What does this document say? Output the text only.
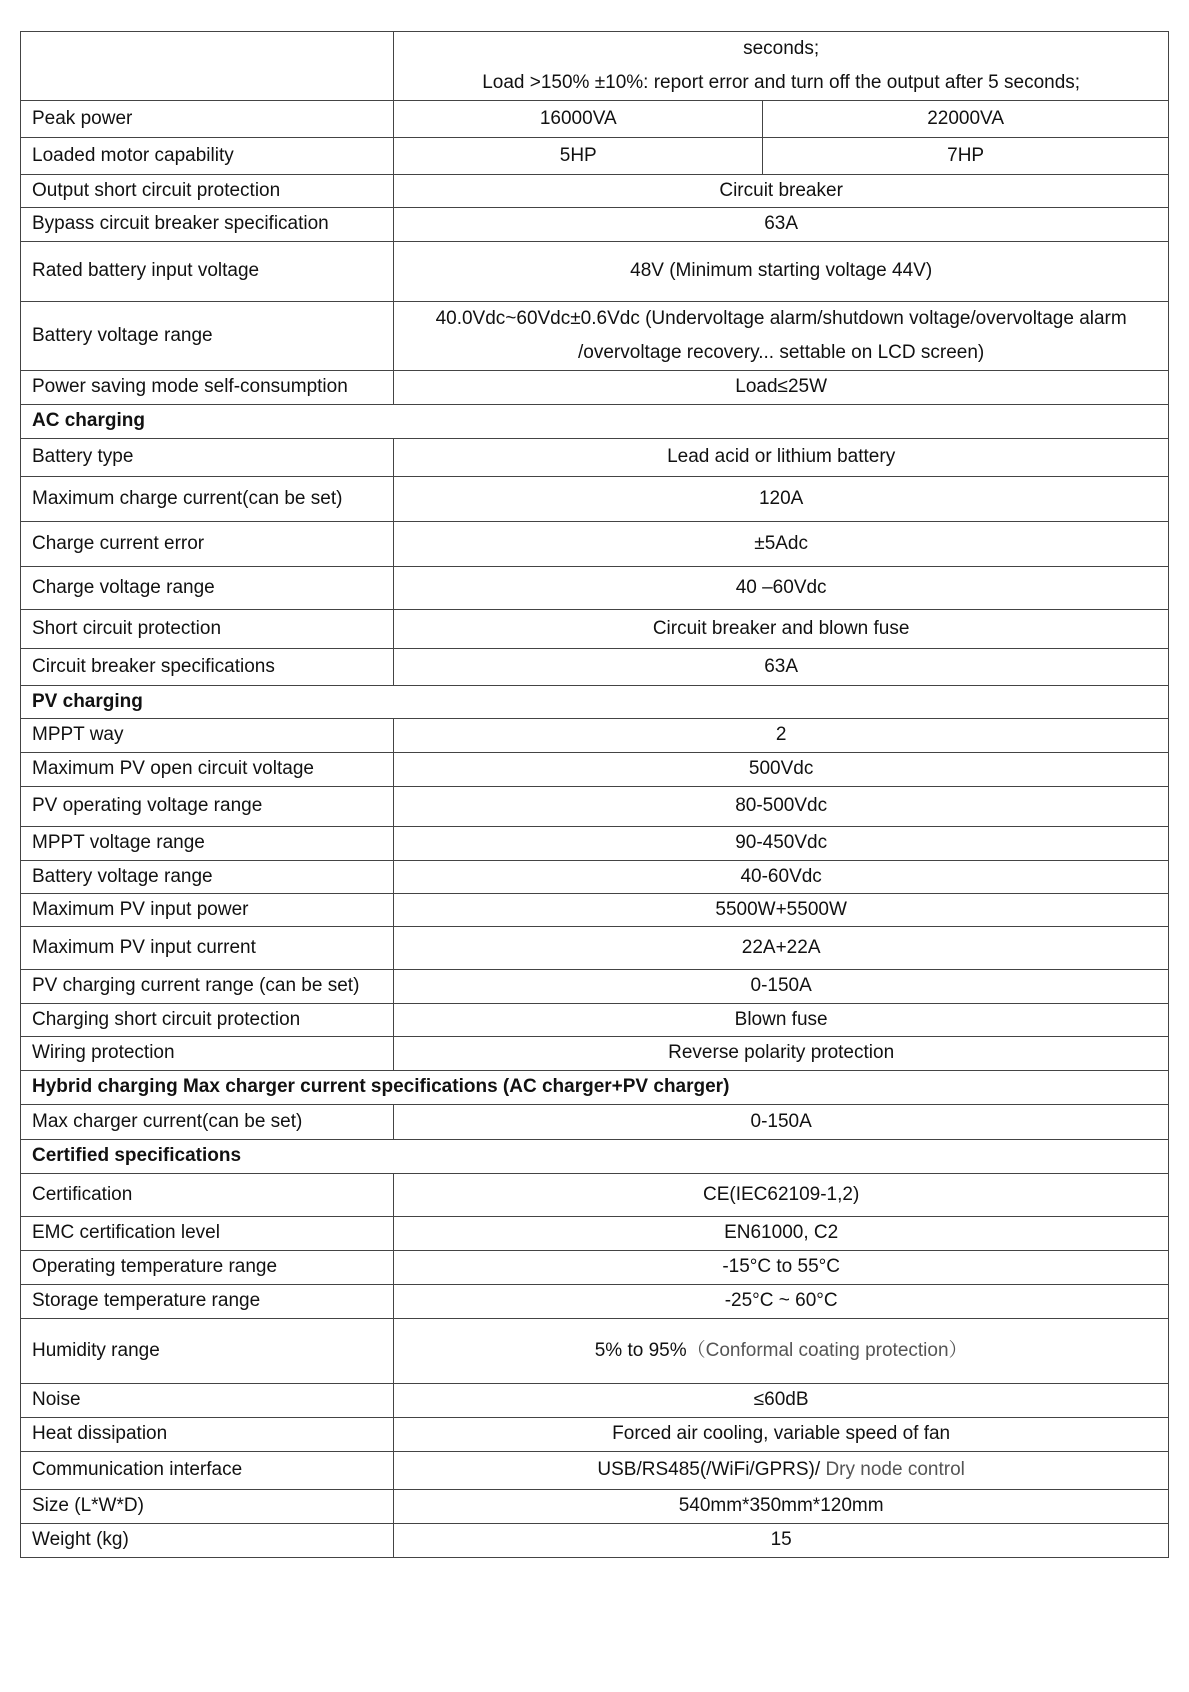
	seconds;
Load >150% ±10%: report error and turn off the output after 5 seconds;	

Peak power	16000VA	22000VA
Loaded motor capability	5HP	7HP
Output short circuit protection	Circuit breaker	
Bypass circuit breaker specification	63A	
Rated battery input voltage	48V (Minimum starting voltage 44V)	
Battery voltage range	40.0Vdc~60Vdc±0.6Vdc (Undervoltage alarm/shutdown voltage/overvoltage alarm
/overvoltage recovery... settable on LCD screen)	

Power saving mode self-consumption	Load≤25W	
AC charging		
Battery type	Lead acid or lithium battery	
Maximum charge current(can be set)	120A	
Charge current error	±5Adc	
Charge voltage range	40 –60Vdc	
Short circuit protection	Circuit breaker and blown fuse	
Circuit breaker specifications	63A	
PV charging		
MPPT way	2	
Maximum PV open circuit voltage	500Vdc	
PV operating voltage range	80-500Vdc	
MPPT voltage range	90-450Vdc	
Battery voltage range	40-60Vdc	
Maximum PV input power	5500W+5500W	
Maximum PV input current	22A+22A	
PV charging current range (can be set)	0-150A	
Charging short circuit protection	Blown fuse	
Wiring protection	Reverse polarity protection	
Hybrid charging Max charger current specifications (AC charger+PV charger)		
Max charger current(can be set)	0-150A	
Certified specifications		
Certification	CE(IEC62109-1,2)	
EMC certification level	EN61000, C2	
Operating temperature range	-15°C to 55°C	
Storage temperature range	-25°C ~ 60°C	
Humidity range	5% to 95%（Conformal coating protection）	
Noise	≤60dB	
Heat dissipation	Forced air cooling, variable speed of fan	
Communication interface	USB/RS485(/WiFi/GPRS)/ Dry node control	
Size (L*W*D)	540mm*350mm*120mm	
Weight (kg)	15	
